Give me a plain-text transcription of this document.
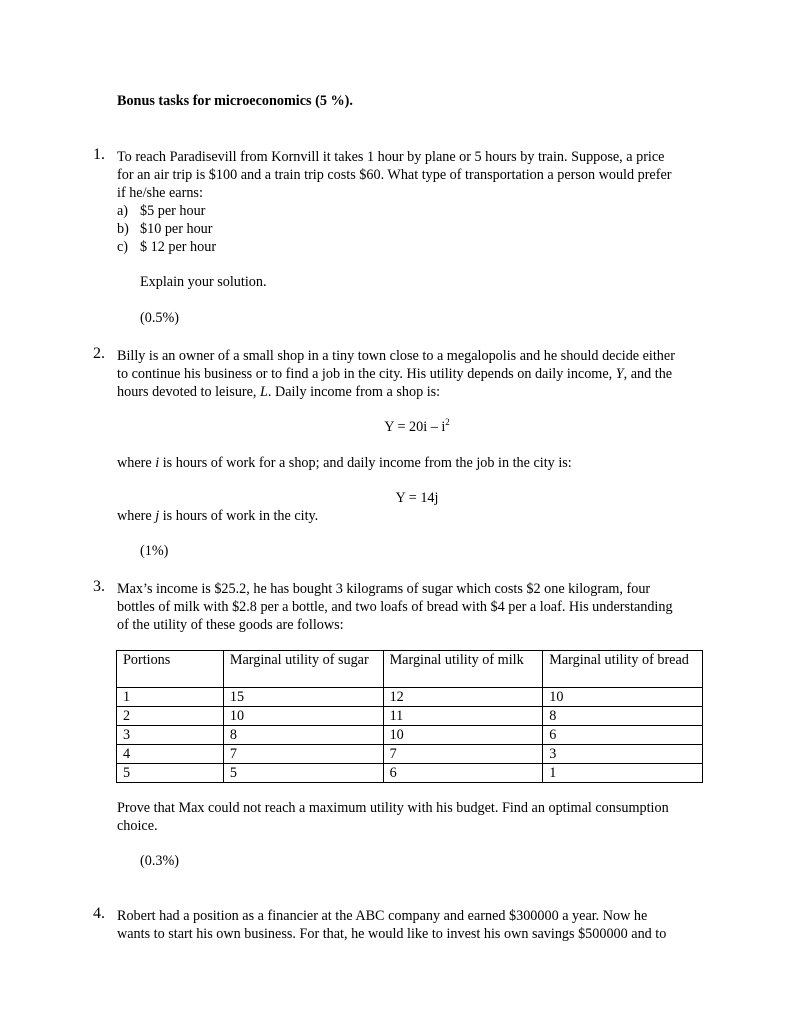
Bonus tasks for microeconomics (5 %).
1. To reach Paradisevill from Kornvill it takes 1 hour by plane or 5 hours by train. Suppose, a price
for an air trip is $100 and a train trip costs $60. What type of transportation a person would prefer
if he/she earns:
a) $5 per hour
b) $10 per hour
c) $ 12 per hour
Explain your solution.
(0.5%)
2. Billy is an owner of a small shop in a tiny town close to a megalopolis and he should decide either
to continue his business or to find a job in the city. His utility depends on daily income, Y, and the
hours devoted to leisure, L. Daily income from a shop is:
$Y = 20i - i^2$
where i is hours of work for a shop; and daily income from the job in the city is:
Y = 14j
where j is hours of work in the city.
(1%)
3. Max’s income is $25.2, he has bought 3 kilograms of sugar which costs $2 one kilogram, four
bottles of milk with $2.8 per a bottle, and two loafs of bread with $4 per a loaf. His understanding
of the utility of these goods are follows:
Portions	Marginal utility of sugar	Marginal utility of milk	Marginal utility of bread
1	15	12	10
2	10	11	8
3	8	10	6
4	7	7	3
5	5	6	1
Prove that Max could not reach a maximum utility with his budget. Find an optimal consumption
choice.
(0.3%)
4. Robert had a position as a financier at the ABC company and earned $300000 a year. Now he
wants to start his own business. For that, he would like to invest his own savings $500000 and to
